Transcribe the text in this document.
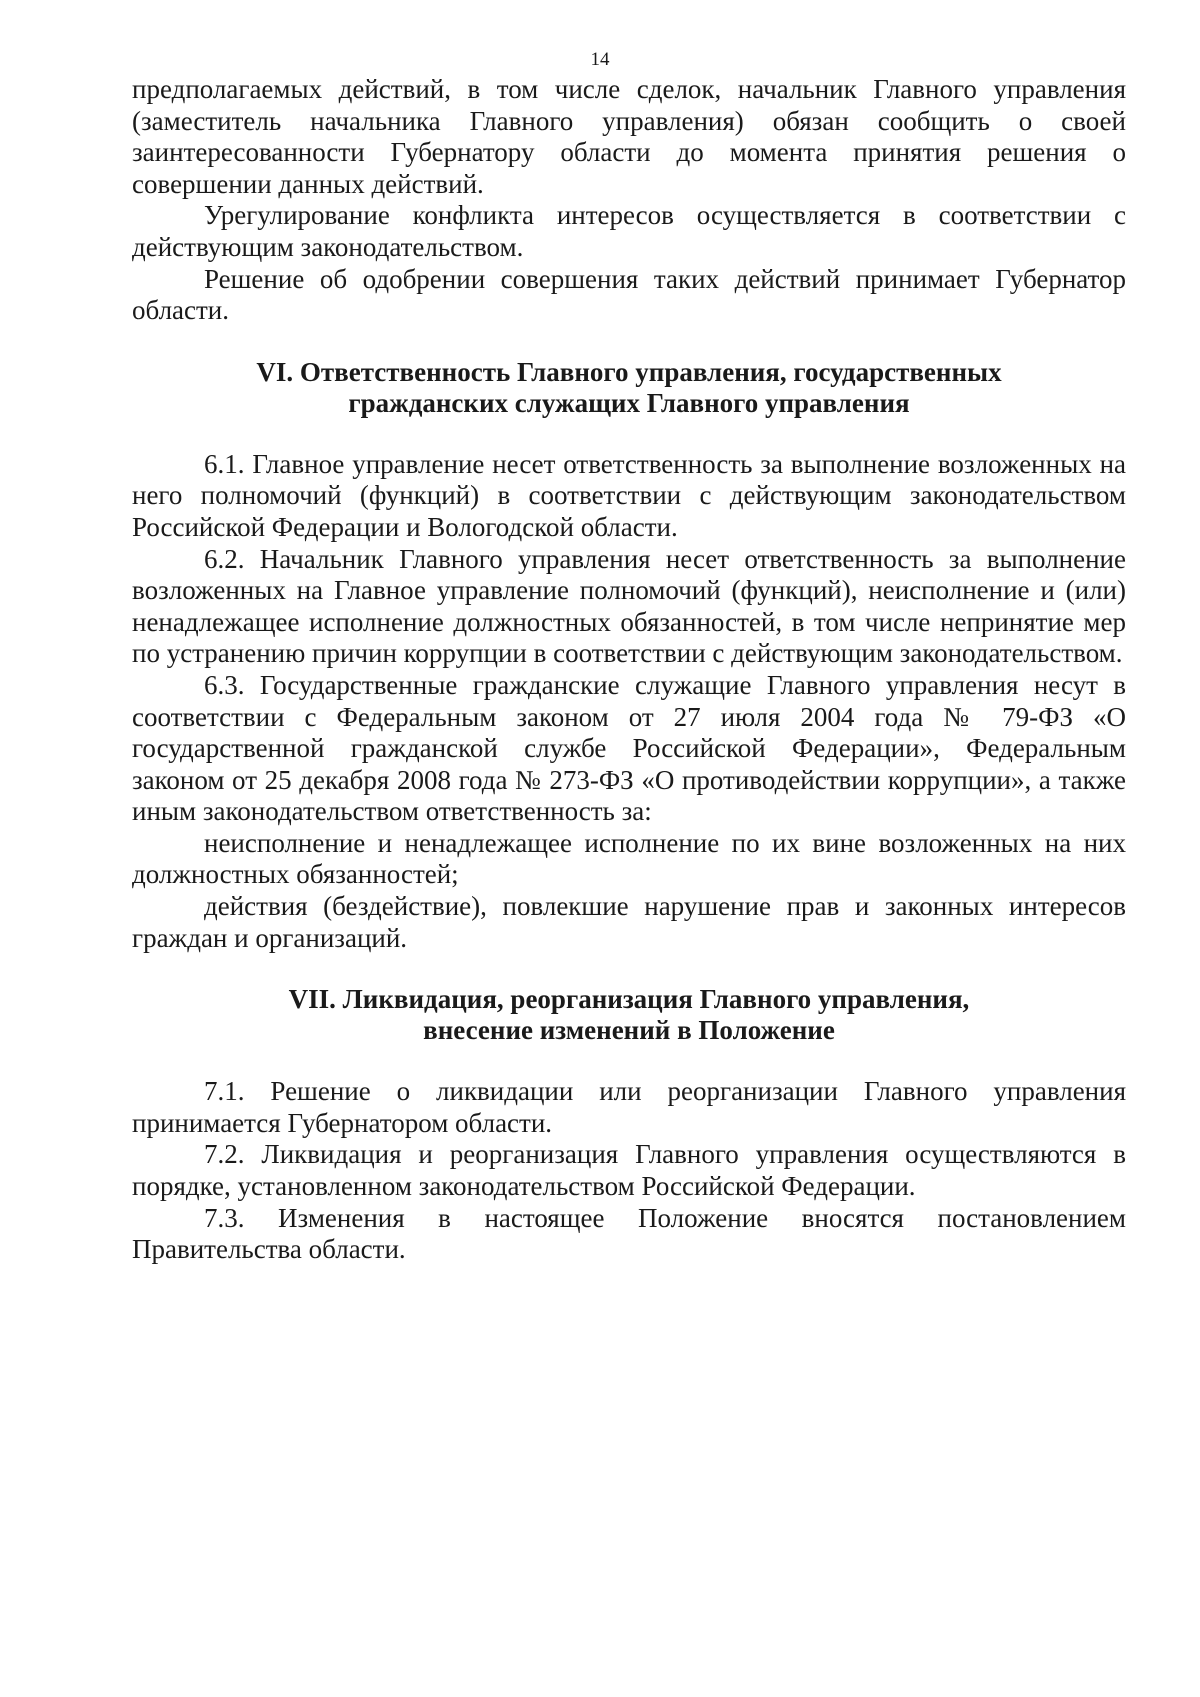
14

предполагаемых действий, в том числе сделок, начальник Главного управления (заместитель начальника Главного управления) обязан сообщить о своей заинтересованности Губернатору области до момента принятия решения о совершении данных действий.

Урегулирование конфликта интересов осуществляется в соответствии с действующим законодательством.

Решение об одобрении совершения таких действий принимает Губернатор области.

VI. Ответственность Главного управления, государственных
гражданских служащих Главного управления

6.1. Главное управление несет ответственность за выполнение возложенных на него полномочий (функций) в соответствии с действующим законодательством Российской Федерации и Вологодской области.

6.2. Начальник Главного управления несет ответственность за выполнение возложенных на Главное управление полномочий (функций), неисполнение и (или) ненадлежащее исполнение должностных обязанностей, в том числе непринятие мер по устранению причин коррупции в соответствии с действующим законодательством.

6.3. Государственные гражданские служащие Главного управления несут в соответствии с Федеральным законом от 27 июля 2004 года № 79-ФЗ «О государственной гражданской службе Российской Федерации», Федеральным законом от 25 декабря 2008 года № 273-ФЗ «О противодействии коррупции», а также иным законодательством ответственность за:

неисполнение и ненадлежащее исполнение по их вине возложенных на них должностных обязанностей;

действия (бездействие), повлекшие нарушение прав и законных интересов граждан и организаций.

VII. Ликвидация, реорганизация Главного управления,
внесение изменений в Положение

7.1. Решение о ликвидации или реорганизации Главного управления принимается Губернатором области.

7.2. Ликвидация и реорганизация Главного управления осуществляются в порядке, установленном законодательством Российской Федерации.

7.3. Изменения в настоящее Положение вносятся постановлением Правительства области.
